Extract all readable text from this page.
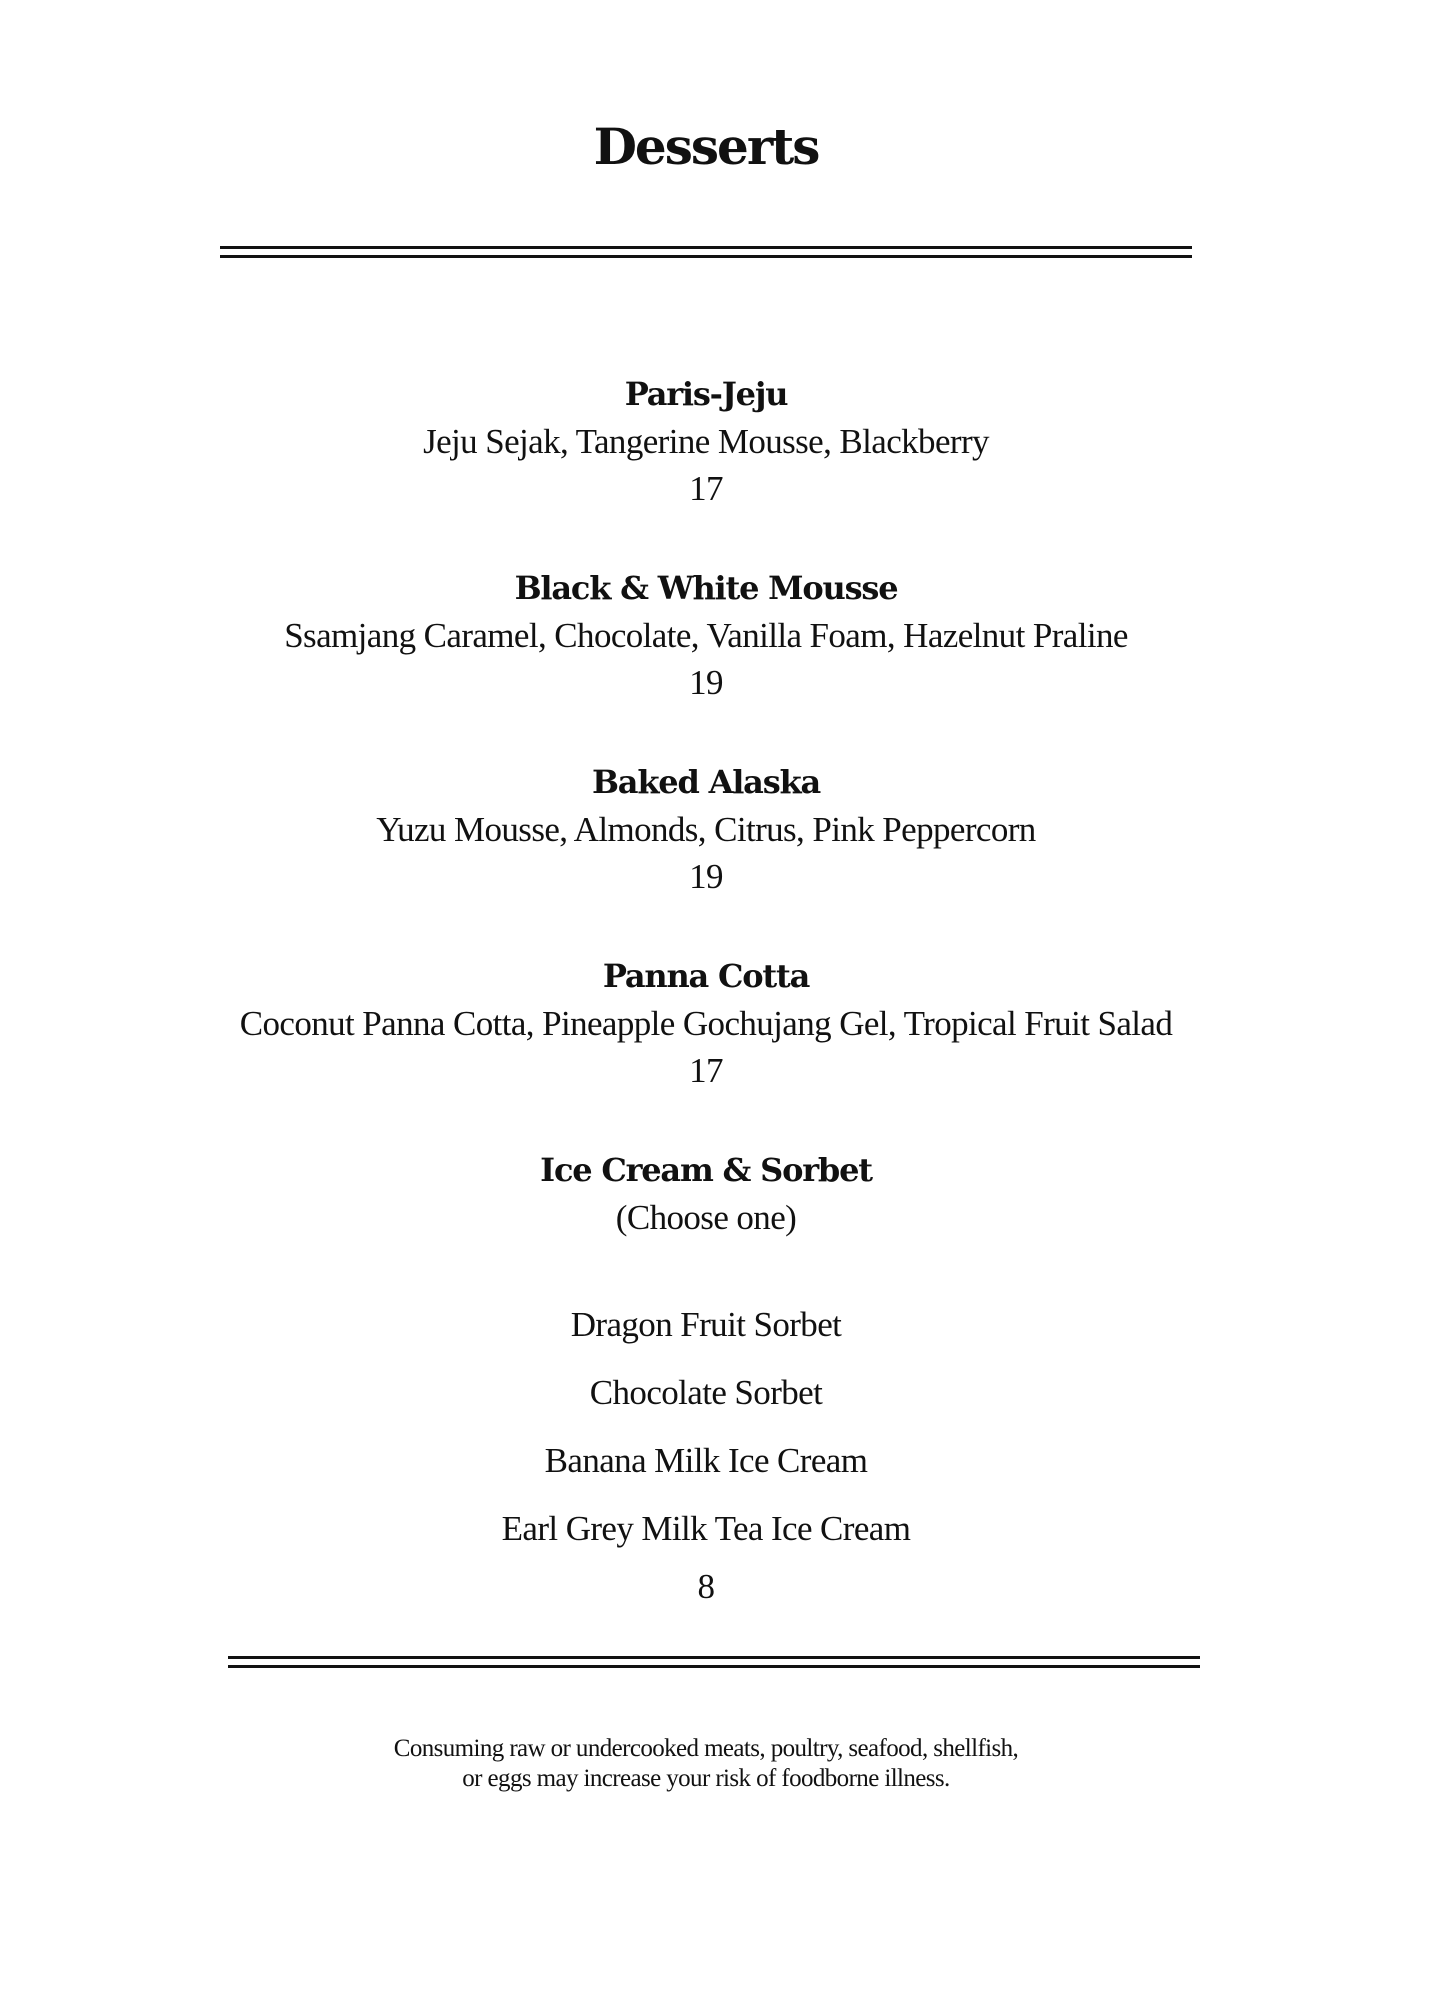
Desserts
Paris-Jeju
Jeju Sejak, Tangerine Mousse, Blackberry
17
Black & White Mousse
Ssamjang Caramel, Chocolate, Vanilla Foam, Hazelnut Praline
19
Baked Alaska
Yuzu Mousse, Almonds, Citrus, Pink Peppercorn
19
Panna Cotta
Coconut Panna Cotta, Pineapple Gochujang Gel, Tropical Fruit Salad
17
Ice Cream & Sorbet
(Choose one)
Dragon Fruit Sorbet
Chocolate Sorbet
Banana Milk Ice Cream
Earl Grey Milk Tea Ice Cream
8
Consuming raw or undercooked meats, poultry, seafood, shellfish,
or eggs may increase your risk of foodborne illness.
